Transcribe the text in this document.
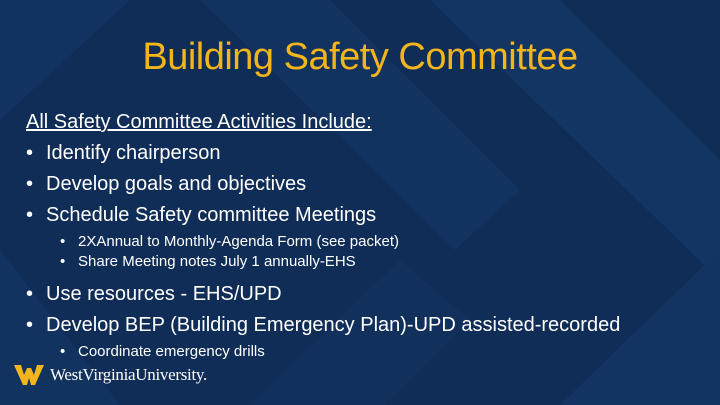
Building Safety Committee
All Safety Committee Activities Include:
• Identify chairperson
• Develop goals and objectives
• Schedule Safety committee Meetings
• 2XAnnual to Monthly-Agenda Form (see packet)
• Share Meeting notes July 1 annually-EHS
• Use resources - EHS/UPD
• Develop BEP (Building Emergency Plan)-UPD assisted-recorded
• Coordinate emergency drills
WestVirginiaUniversity.
